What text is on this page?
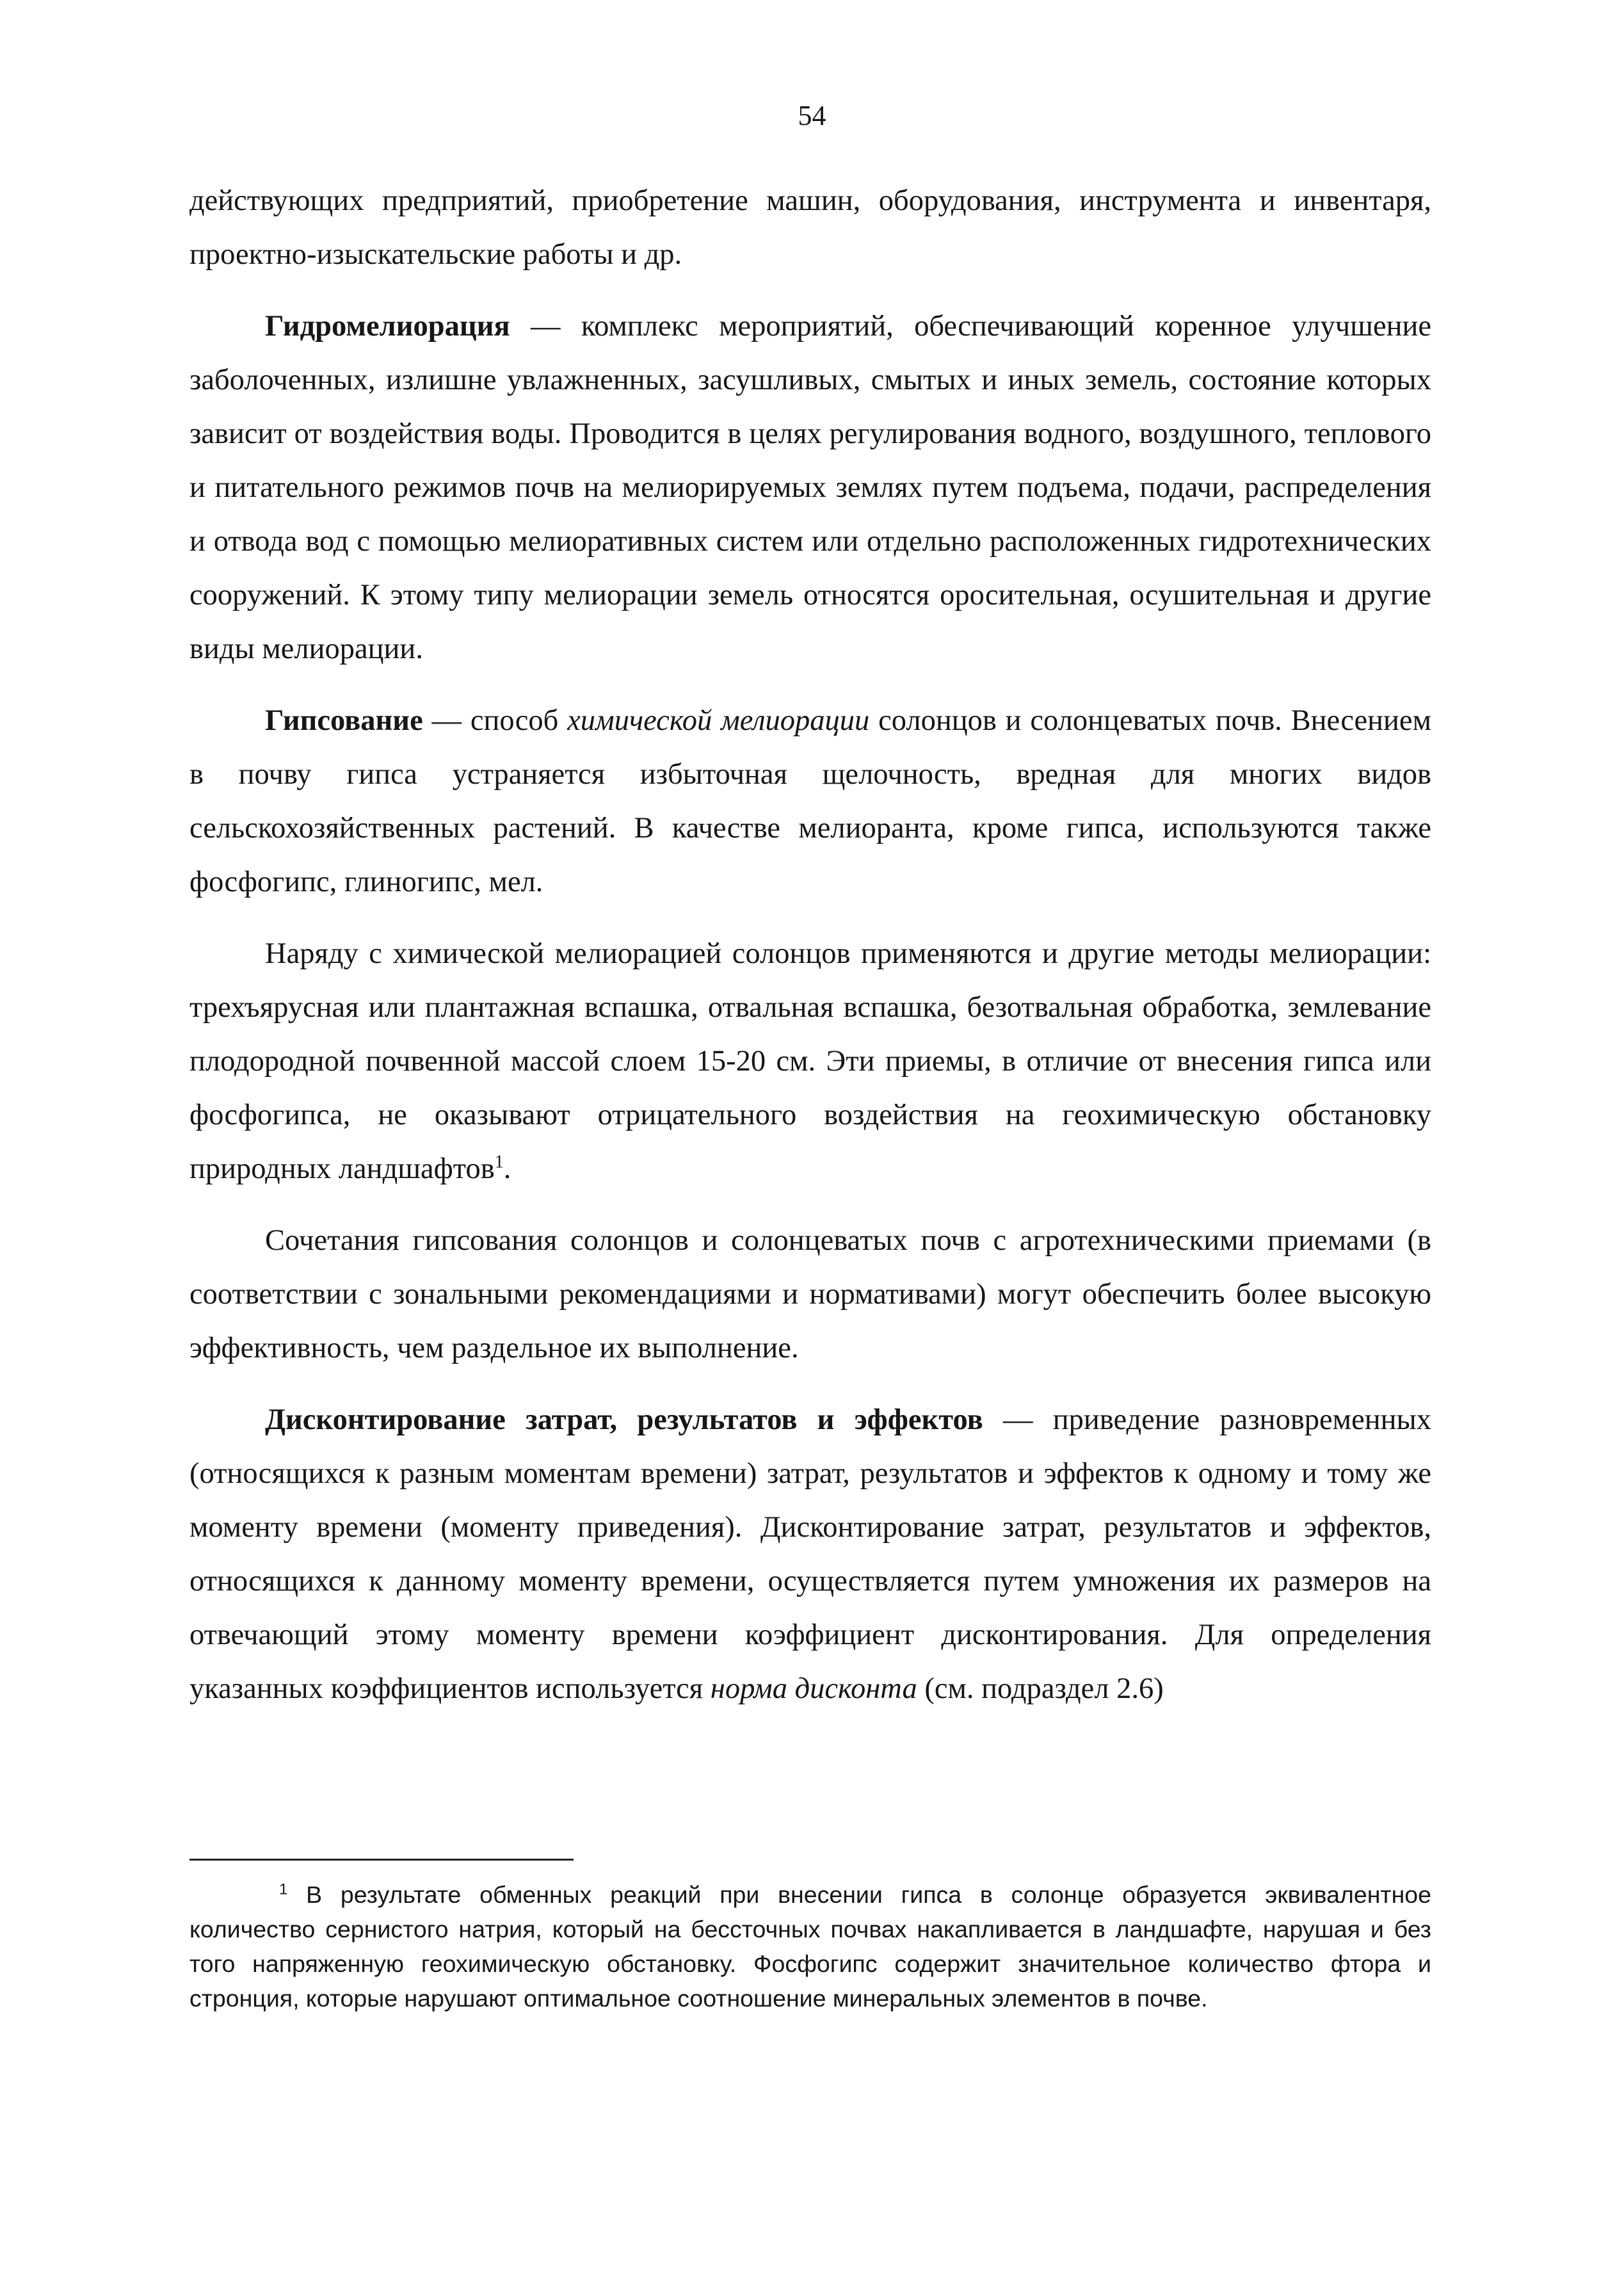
54

действующих предприятий, приобретение машин, оборудования, инструмента и инвентаря, проектно-изыскательские работы и др.

Гидромелиорация — комплекс мероприятий, обеспечивающий коренное улучшение заболоченных, излишне увлажненных, засушливых, смытых и иных земель, состояние которых зависит от воздействия воды. Проводится в целях регулирования водного, воздушного, теплового и питательного режимов почв на мелиорируемых землях путем подъема, подачи, распределения и отвода вод с помощью мелиоративных систем или отдельно расположенных гидротехнических сооружений. К этому типу мелиорации земель относятся оросительная, осушительная и другие виды мелиорации.

Гипсование — способ химической мелиорации солонцов и солонцеватых почв. Внесением в почву гипса устраняется избыточная щелочность, вредная для многих видов сельскохозяйственных растений. В качестве мелиоранта, кроме гипса, используются также фосфогипс, глиногипс, мел.

Наряду с химической мелиорацией солонцов применяются и другие методы мелиорации: трехъярусная или плантажная вспашка, отвальная вспашка, безотвальная обработка, землевание плодородной почвенной массой слоем 15-20 см. Эти приемы, в отличие от внесения гипса или фосфогипса, не оказывают отрицательного воздействия на геохимическую обстановку природных ландшафтов$^1$.

Сочетания гипсования солонцов и солонцеватых почв с агротехническими приемами (в соответствии с зональными рекомендациями и нормативами) могут обеспечить более высокую эффективность, чем раздельное их выполнение.

Дисконтирование затрат, результатов и эффектов — приведение разновременных (относящихся к разным моментам времени) затрат, результатов и эффектов к одному и тому же моменту времени (моменту приведения). Дисконтирование затрат, результатов и эффектов, относящихся к данному моменту времени, осуществляется путем умножения их размеров на отвечающий этому моменту времени коэффициент дисконтирования. Для определения указанных коэффициентов используется норма дисконта (см. подраздел 2.6)

$^1$ В результате обменных реакций при внесении гипса в солонце образуется эквивалентное количество сернистого натрия, который на бессточных почвах накапливается в ландшафте, нарушая и без того напряженную геохимическую обстановку. Фосфогипс содержит значительное количество фтора и стронция, которые нарушают оптимальное соотношение минеральных элементов в почве.
